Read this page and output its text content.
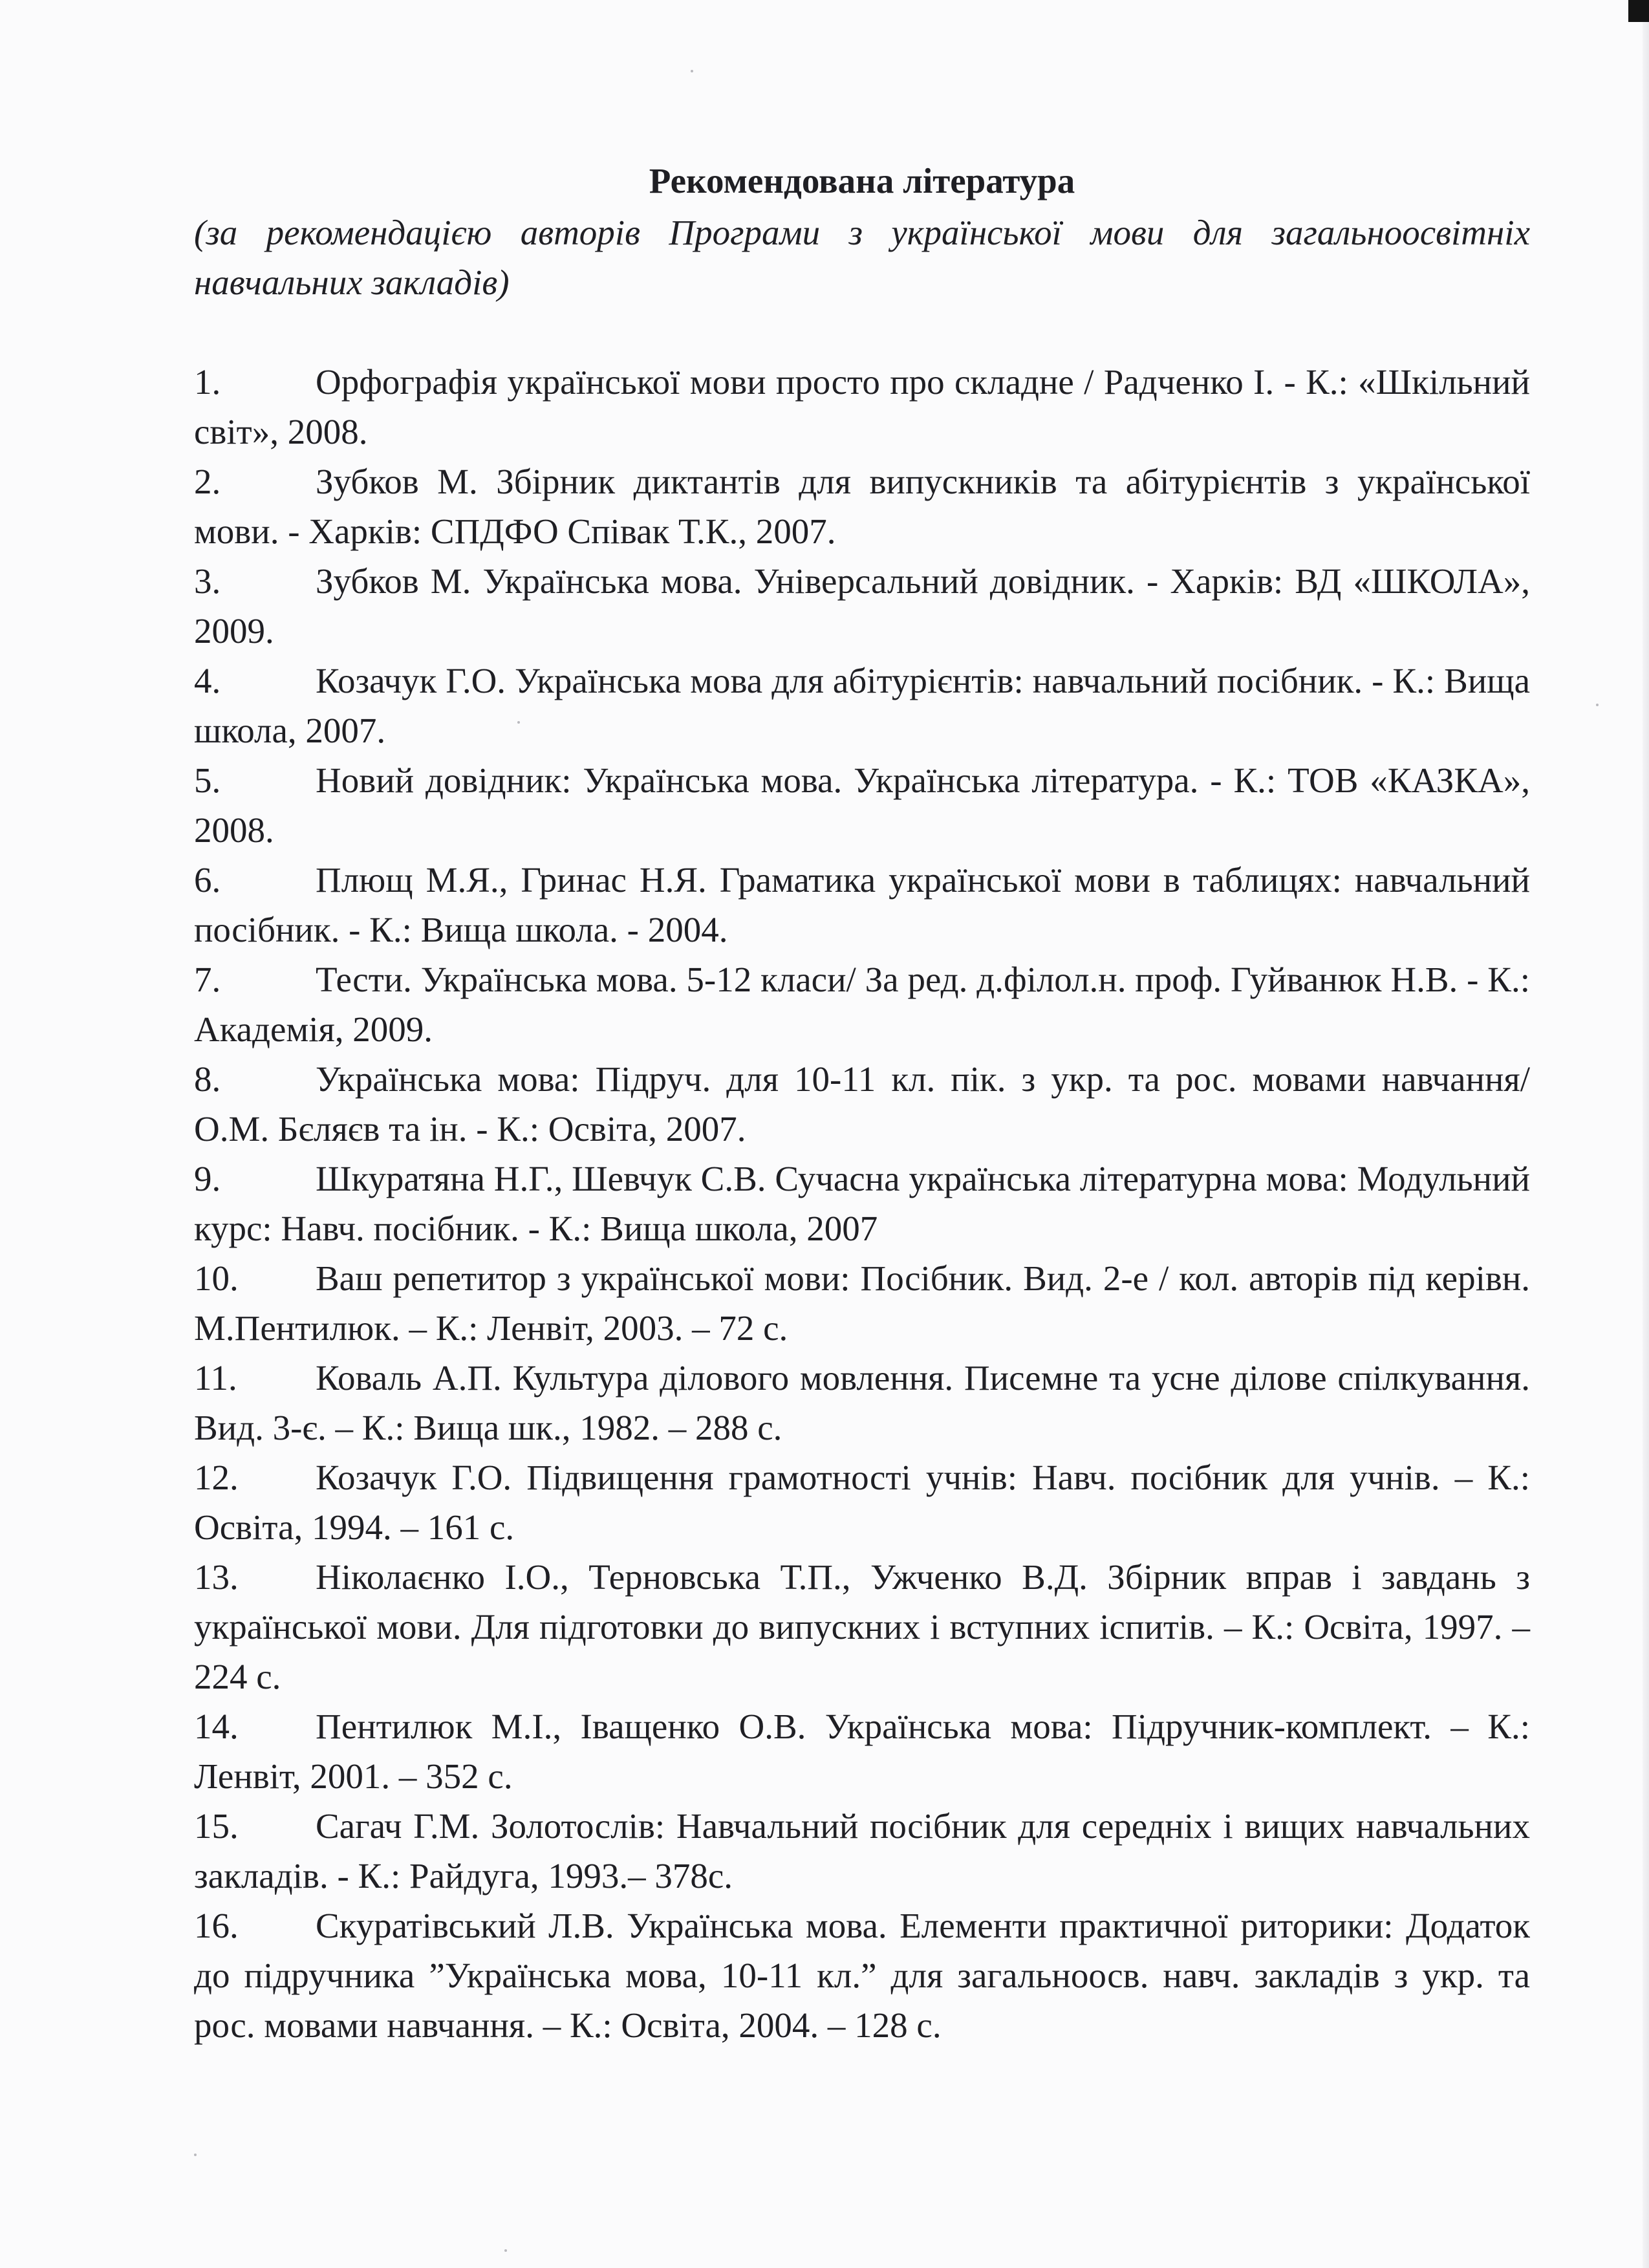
Рекомендована література
(за рекомендацією авторів Програми з української мови для загальноосвітніх навчальних закладів)
1.	Орфографія української мови просто про складне / Радченко І. - К.: «Шкільний світ», 2008.
2.	Зубков М. Збірник диктантів для випускників та абітурієнтів з української мови. - Харків: СПДФО Співак Т.К., 2007.
3.	Зубков М. Українська мова. Універсальний довідник. - Харків: ВД «ШКОЛА», 2009.
4.	Козачук Г.О. Українська мова для абітурієнтів: навчальний посібник. - К.: Вища школа, 2007.
5.	Новий довідник: Українська мова. Українська література. - К.: ТОВ «КАЗКА», 2008.
6.	Плющ М.Я., Гринас Н.Я. Граматика української мови в таблицях: навчальний посібник. - К.: Вища школа. - 2004.
7.	Тести. Українська мова. 5-12 класи/ За ред. д.філол.н. проф. Гуйванюк Н.В. - К.: Академія, 2009.
8.	Українська мова: Підруч. для 10-11 кл. пік. з укр. та рос. мовами навчання/ О.М. Бєляєв та ін. - К.: Освіта, 2007.
9.	Шкуратяна Н.Г., Шевчук С.В. Сучасна українська літературна мова: Модульний курс: Навч. посібник. - К.: Вища школа, 2007
10. Ваш репетитор з української мови: Посібник. Вид. 2-е / кол. авторів під керівн. М.Пентилюк. – К.: Ленвіт, 2003. – 72 с.
11. Коваль А.П. Культура ділового мовлення. Писемне та усне ділове спілкування. Вид. 3-є. – К.: Вища шк., 1982. – 288 с.
12. Козачук Г.О. Підвищення грамотності учнів: Навч. посібник для учнів. – К.: Освіта, 1994. – 161 с.
13. Ніколаєнко І.О., Терновська Т.П., Ужченко В.Д. Збірник вправ і завдань з української мови. Для підготовки до випускних і вступних іспитів. – К.: Освіта, 1997. – 224 с.
14. Пентилюк М.І., Іващенко О.В. Українська мова: Підручник-комплект. – К.: Ленвіт, 2001. – 352 с.
15. Сагач Г.М. Золотослів: Навчальний посібник для середніх і вищих навчальних закладів. - К.: Райдуга, 1993.– 378с.
16. Скуратівський Л.В. Українська мова. Елементи практичної риторики: Додаток до підручника ”Українська мова, 10-11 кл.” для загальноосв. навч. закладів з укр. та рос. мовами навчання. – К.: Освіта, 2004. – 128 с.
